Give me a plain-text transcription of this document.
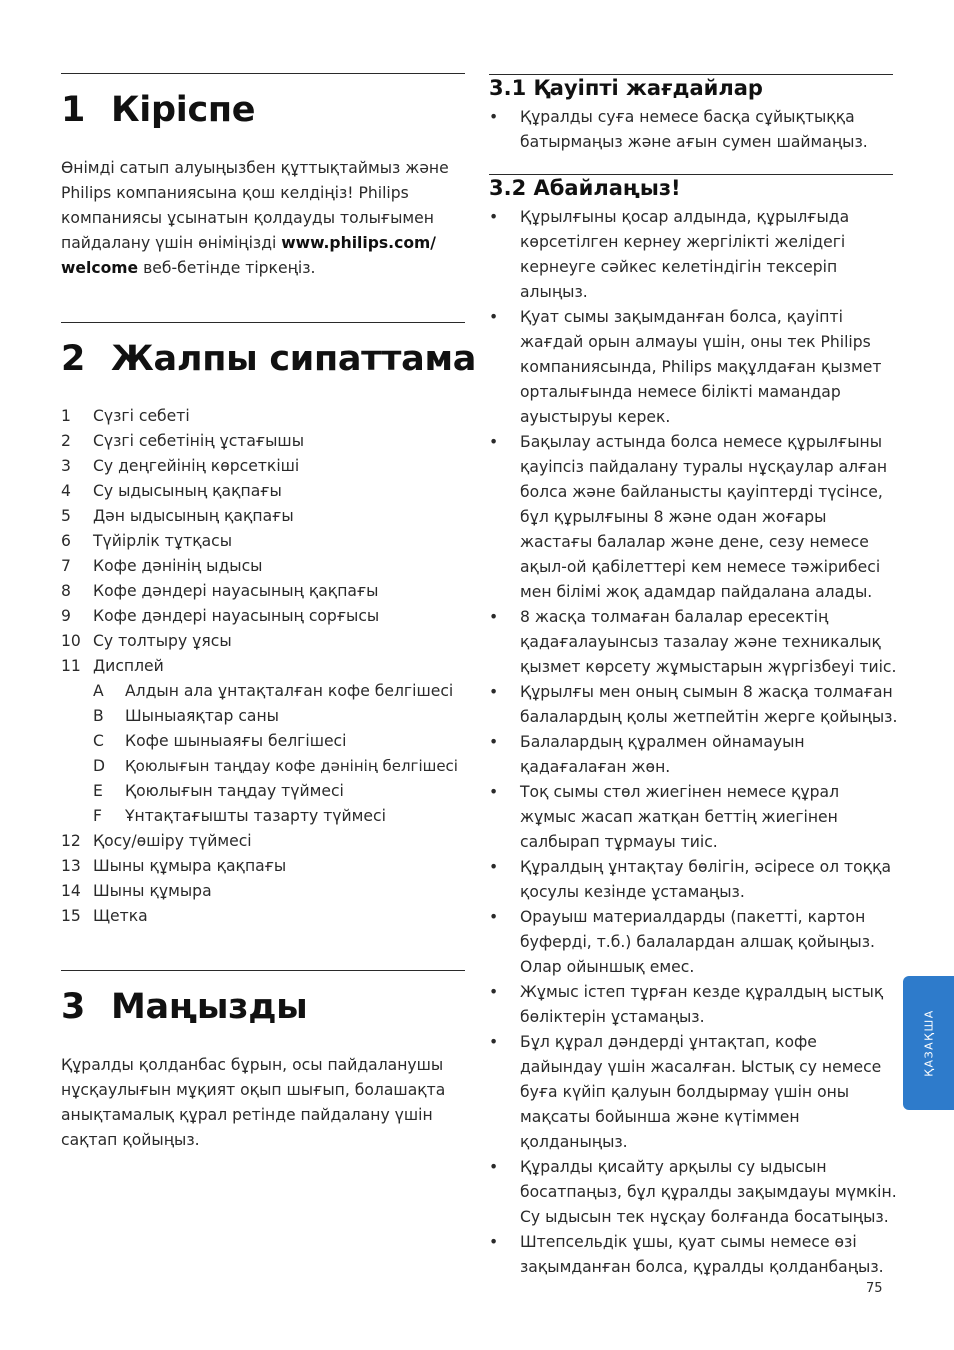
1 Кіріспе

Өнімді сатып алуыңызбен құттықтаймыз және Philips компаниясына қош келдіңіз! Philips компаниясы ұсынатын қолдауды толығымен пайдалану үшін өніміңізді www.philips.com/ welcome веб-бетінде тіркеңіз.

2 Жалпы сипаттама
1	Сүзгі себеті
2	Сүзгі себетінің ұстағышы
3	Су деңгейінің көрсеткіші
4	Су ыдысының қақпағы
5	Дән ыдысының қақпағы
6	Түйірлік тұтқасы
7	Кофе дәнінің ыдысы
8	Кофе дәндері науасының қақпағы
9	Кофе дәндері науасының сорғысы
10 Су толтыру ұясы
11 Дисплей
A	Алдын ала ұнтақталған кофе белгішесі
B	Шыныаяқтар саны
C	Кофе шыныаяғы белгішесі
D	Қоюлығын таңдау кофе дәнінің белгішесі
E	Қоюлығын таңдау түймесі
F	Ұнтақтағышты тазарту түймесі
12 Қосу/өшіру түймесі
13 Шыны құмыра қақпағы
14 Шыны құмыра
15 Щетка
3 Маңызды

Құралды қолданбас бұрын, осы пайдаланушы нұсқаулығын мұқият оқып шығып, болашақта анықтамалық құрал ретінде пайдалану үшін сақтап қойыңыз.

3.1 Қауіпті жағдайлар
• Құралды суға немесе басқа сұйықтыққа батырмаңыз және ағын сумен шаймаңыз.
3.2 Абайлаңыз!
• Құрылғыны қосар алдында, құрылғыда көрсетілген кернеу жергілікті желідегі кернеуге сәйкес келетіндігін тексеріп алыңыз.
• Қуат сымы зақымданған болса, қауіпті жағдай орын алмауы үшін, оны тек Philips компаниясында, Philips мақұлдаған қызмет орталығында немесе білікті мамандар ауыстыруы керек.
• Бақылау астында болса немесе құрылғыны қауіпсіз пайдалану туралы нұсқаулар алған болса және байланысты қауіптерді түсінсе, бұл құрылғыны 8 және одан жоғары жастағы балалар және дене, сезу немесе ақыл-ой қабілеттері кем немесе тәжірибесі мен білімі жоқ адамдар пайдалана алады.
• 8 жасқа толмаған балалар ересектің қадағалауынсыз тазалау және техникалық қызмет көрсету жұмыстарын жүргізбеуі тиіс.
• Құрылғы мен оның сымын 8 жасқа толмаған балалардың қолы жетпейтін жерге қойыңыз.
• Балалардың құралмен ойнамауын қадағалаған жөн.
• Тоқ сымы стөл жиегінен немесе құрал жұмыс жасап жатқан беттің жиегінен салбырап тұрмауы тиіс.
• Құралдың ұнтақтау бөлігін, әсіресе ол тоққа қосулы кезінде ұстамаңыз.
• Орауыш материалдарды (пакетті, картон буферді, т.б.) балалардан алшақ қойыңыз. Олар ойыншық емес.
• Жұмыс істеп тұрған кезде құралдың ыстық бөліктерін ұстамаңыз.
• Бұл құрал дәндерді ұнтақтап, кофе дайындау үшін жасалған. Ыстық су немесе буға күйіп қалуын болдырмау үшін оны мақсаты бойынша және күтіммен қолданыңыз.
• Құралды қисайту арқылы су ыдысын босатпаңыз, бұл құралды зақымдауы мүмкін. Су ыдысын тек нұсқау болғанда босатыңыз.
• Штепсельдік ұшы, қуат сымы немесе өзі зақымданған болса, құралды қолданбаңыз.
ҚАЗАҚША
75
